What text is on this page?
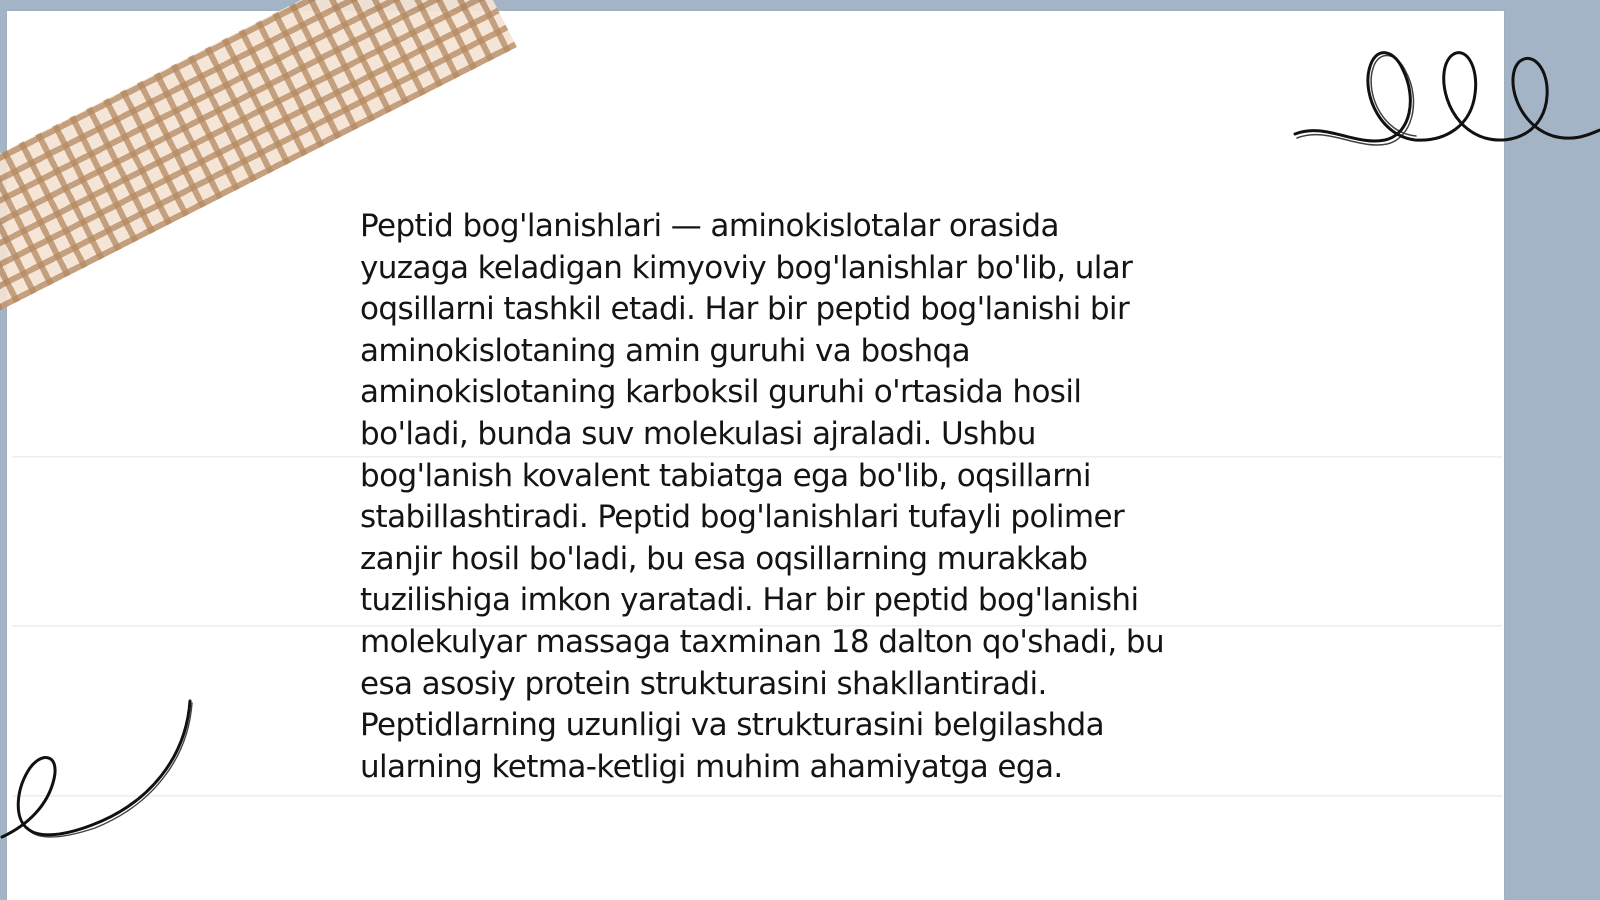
Peptid bog'lanishlari — aminokislotalar orasida
yuzaga keladigan kimyoviy bog'lanishlar bo'lib, ular
oqsillarni tashkil etadi. Har bir peptid bog'lanishi bir
aminokislotaning amin guruhi va boshqa
aminokislotaning karboksil guruhi o'rtasida hosil
bo'ladi, bunda suv molekulasi ajraladi. Ushbu
bog'lanish kovalent tabiatga ega bo'lib, oqsillarni
stabillashtiradi. Peptid bog'lanishlari tufayli polimer
zanjir hosil bo'ladi, bu esa oqsillarning murakkab
tuzilishiga imkon yaratadi. Har bir peptid bog'lanishi
molekulyar massaga taxminan 18 dalton qo'shadi, bu
esa asosiy protein strukturasini shakllantiradi.
Peptidlarning uzunligi va strukturasini belgilashda
ularning ketma-ketligi muhim ahamiyatga ega.
